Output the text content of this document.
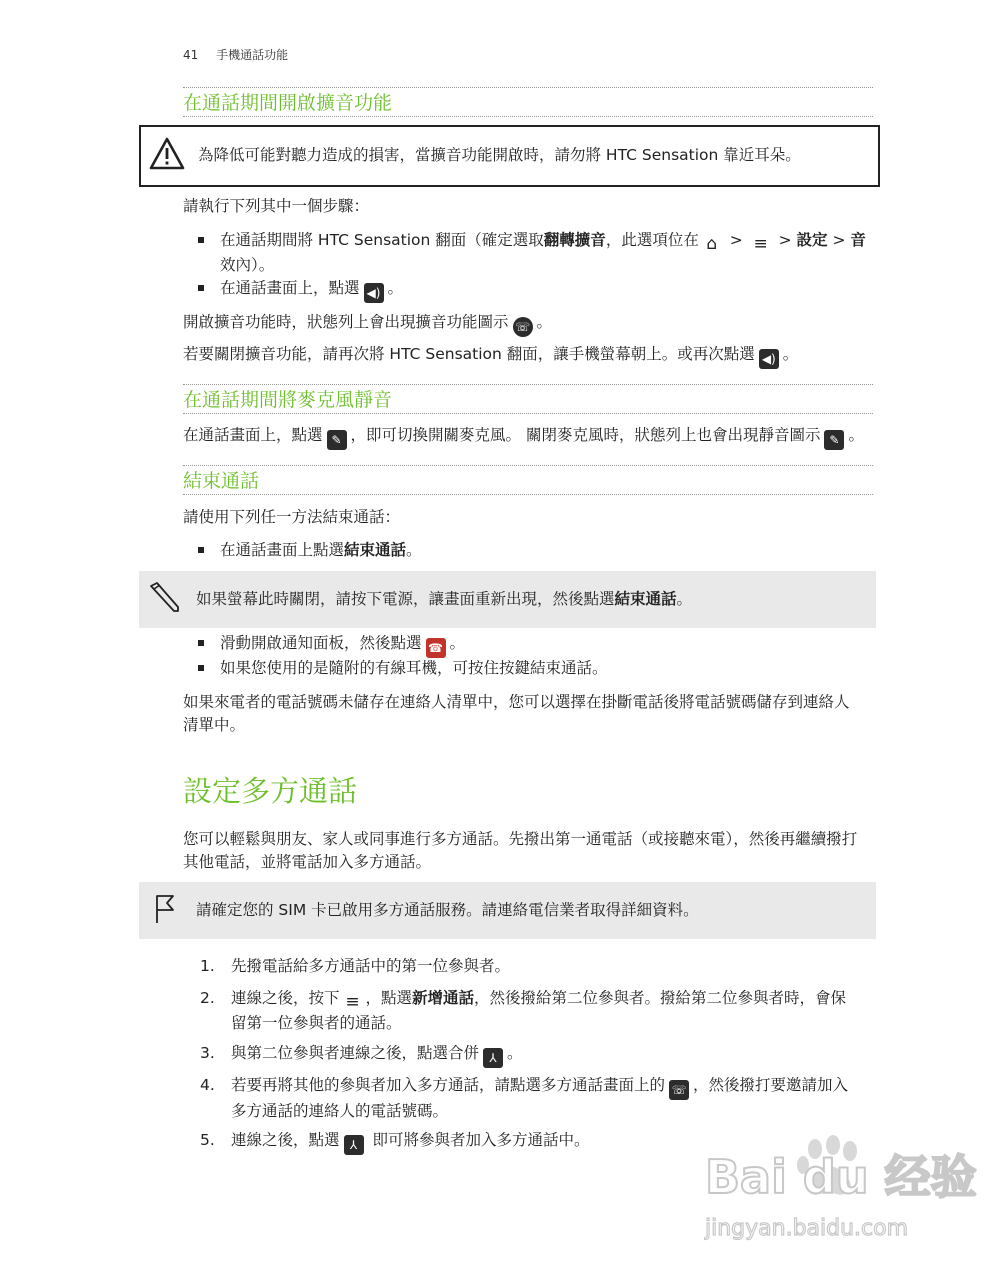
41 手機通話功能
在通話期間開啟擴音功能
為降低可能對聽力造成的損害，當擴音功能開啟時，請勿將 HTC Sensation 靠近耳朵。
請執行下列其中一個步驟：
在通話期間將 HTC Sensation 翻面（確定選取翻轉擴音，此選項位在 ⌂ > ≡ > 設定 > 音
效內）。
在通話畫面上，點選 ◀) 。
開啟擴音功能時，狀態列上會出現擴音功能圖示 ☏ 。
若要關閉擴音功能，請再次將 HTC Sensation 翻面，讓手機螢幕朝上。或再次點選 ◀) 。
在通話期間將麥克風靜音
在通話畫面上，點選 ✎ ，即可切換開關麥克風。 關閉麥克風時，狀態列上也會出現靜音圖示 ✎ 。
結束通話
請使用下列任一方法結束通話：
在通話畫面上點選結束通話。
如果螢幕此時關閉，請按下電源，讓畫面重新出現，然後點選結束通話。
滑動開啟通知面板，然後點選 ☎ 。
如果您使用的是隨附的有線耳機，可按住按鍵結束通話。
如果來電者的電話號碼未儲存在連絡人清單中，您可以選擇在掛斷電話後將電話號碼儲存到連絡人
清單中。
設定多方通話
您可以輕鬆與朋友、家人或同事進行多方通話。先撥出第一通電話（或接聽來電），然後再繼續撥打
其他電話，並將電話加入多方通話。
請確定您的 SIM 卡已啟用多方通話服務。請連絡電信業者取得詳細資料。
1.	先撥電話給多方通話中的第一位參與者。
2.	連線之後，按下 ≡ ，點選新增通話，然後撥給第二位參與者。撥給第二位參與者時，會保
留第一位參與者的通話。
3.	與第二位參與者連線之後，點選合併 ⅄ 。
4.	若要再將其他的參與者加入多方通話，請點選多方通話畫面上的 ☏ ，然後撥打要邀請加入
多方通話的連絡人的電話號碼。
5.	連線之後，點選 ⅄ 即可將參與者加入多方通話中。
Bai du 经验
jingyan.baidu.com
